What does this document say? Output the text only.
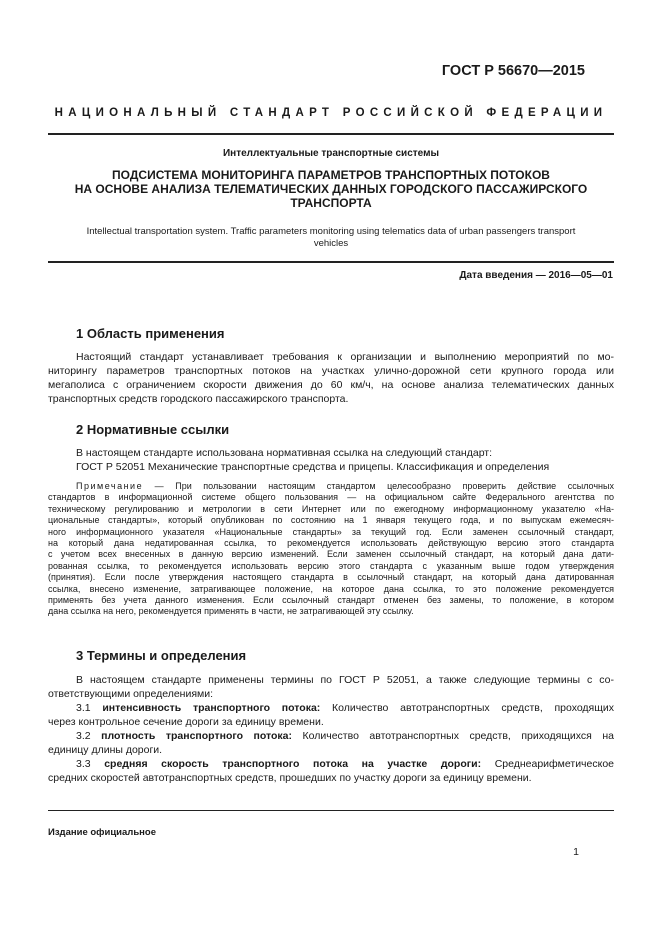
ГОСТ Р 56670—2015
НАЦИОНАЛЬНЫЙ СТАНДАРТ РОССИЙСКОЙ ФЕДЕРАЦИИ
Интеллектуальные транспортные системы
ПОДСИСТЕМА МОНИТОРИНГА ПАРАМЕТРОВ ТРАНСПОРТНЫХ ПОТОКОВ
НА ОСНОВЕ АНАЛИЗА ТЕЛЕМАТИЧЕСКИХ ДАННЫХ ГОРОДСКОГО ПАССАЖИРСКОГО
ТРАНСПОРТА
Intellectual transportation system. Traffic parameters monitoring using telematics data of urban passengers transport
vehicles
Дата введения — 2016—05—01
1 Область применения
Настоящий стандарт устанавливает требования к организации и выполнению мероприятий по мо-
ниторингу параметров транспортных потоков на участках улично-дорожной сети крупного города или
мегаполиса с ограничением скорости движения до 60 км/ч, на основе анализа телематических данных
транспортных средств городского пассажирского транспорта.
2 Нормативные ссылки
В настоящем стандарте использована нормативная ссылка на следующий стандарт:
ГОСТ Р 52051 Механические транспортные средства и прицепы. Классификация и определения
Примечание — При пользовании настоящим стандартом целесообразно проверить действие ссылочных
стандартов в информационной системе общего пользования — на официальном сайте Федерального агентства по
техническому регулированию и метрологии в сети Интернет или по ежегодному информационному указателю «На-
циональные стандарты», который опубликован по состоянию на 1 января текущего года, и по выпускам ежемесяч-
ного информационного указателя «Национальные стандарты» за текущий год. Если заменен ссылочный стандарт,
на который дана недатированная ссылка, то рекомендуется использовать действующую версию этого стандарта
с учетом всех внесенных в данную версию изменений. Если заменен ссылочный стандарт, на который дана дати-
рованная ссылка, то рекомендуется использовать версию этого стандарта с указанным выше годом утверждения
(принятия). Если после утверждения настоящего стандарта в ссылочный стандарт, на который дана датированная
ссылка, внесено изменение, затрагивающее положение, на которое дана ссылка, то это положение рекомендуется
применять без учета данного изменения. Если ссылочный стандарт отменен без замены, то положение, в котором
дана ссылка на него, рекомендуется применять в части, не затрагивающей эту ссылку.
3 Термины и определения
В настоящем стандарте применены термины по ГОСТ Р 52051, а также следующие термины с со-
ответствующими определениями:
3.1 интенсивность транспортного потока: Количество автотранспортных средств, проходящих
через контрольное сечение дороги за единицу времени.
3.2 плотность транспортного потока: Количество автотранспортных средств, приходящихся на
единицу длины дороги.
3.3 средняя скорость транспортного потока на участке дороги: Среднеарифметическое
средних скоростей автотранспортных средств, прошедших по участку дороги за единицу времени.
Издание официальное
1
